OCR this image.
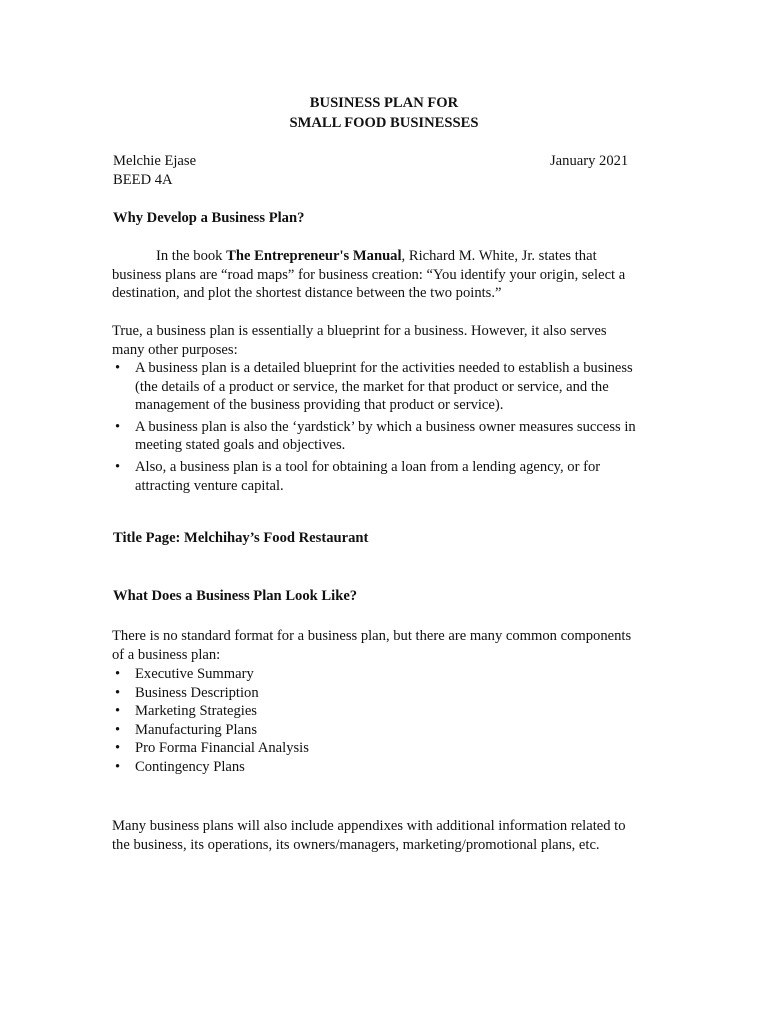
BUSINESS PLAN FOR
SMALL FOOD BUSINESSES
Melchie Ejase
BEED 4A
January 2021
Why Develop a Business Plan?
In the book The Entrepreneur's Manual, Richard M. White, Jr. states that business plans are “road maps” for business creation: “You identify your origin, select a destination, and plot the shortest distance between the two points.”
True, a business plan is essentially a blueprint for a business. However, it also serves many other purposes:
• A business plan is a detailed blueprint for the activities needed to establish a business (the details of a product or service, the market for that product or service, and the management of the business providing that product or service).
• A business plan is also the ‘yardstick’ by which a business owner measures success in meeting stated goals and objectives.
• Also, a business plan is a tool for obtaining a loan from a lending agency, or for attracting venture capital.
Title Page: Melchihay’s Food Restaurant
What Does a Business Plan Look Like?
There is no standard format for a business plan, but there are many common components of a business plan:
• Executive Summary
• Business Description
• Marketing Strategies
• Manufacturing Plans
• Pro Forma Financial Analysis
• Contingency Plans
Many business plans will also include appendixes with additional information related to the business, its operations, its owners/managers, marketing/promotional plans, etc.
